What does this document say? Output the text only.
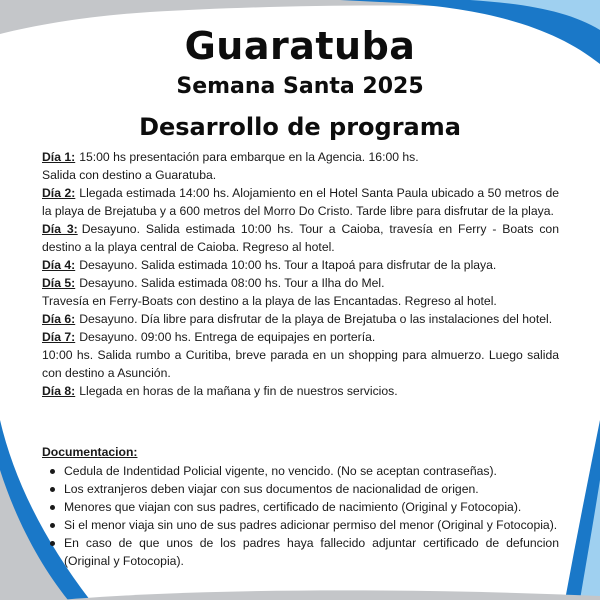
Guaratuba
Semana Santa 2025
Desarrollo de programa

Día 1: 15:00 hs presentación para embarque en la Agencia. 16:00 hs.

Salida con destino a Guaratuba.

Día 2: Llegada estimada 14:00 hs. Alojamiento en el Hotel Santa Paula ubicado a 50 metros de la playa de Brejatuba y a 600 metros del Morro Do Cristo. Tarde libre para disfrutar de la playa.

Día 3: Desayuno. Salida estimada 10:00 hs. Tour a Caioba, travesía en Ferry - Boats con destino a la playa central de Caioba. Regreso al hotel.

Día 4: Desayuno. Salida estimada 10:00 hs. Tour a Itapoá para disfrutar de la playa.

Día 5: Desayuno. Salida estimada 08:00 hs. Tour a Ilha do Mel.

Travesía en Ferry-Boats con destino a la playa de las Encantadas. Regreso al hotel.

Día 6: Desayuno. Día libre para disfrutar de la playa de Brejatuba o las instalaciones del hotel.

Día 7: Desayuno. 09:00 hs. Entrega de equipajes en portería.

10:00 hs. Salida rumbo a Curitiba, breve parada en un shopping para almuerzo. Luego salida con destino a Asunción.

Día 8: Llegada en horas de la mañana y fin de nuestros servicios.

Documentacion:

Cedula de Indentidad Policial vigente, no vencido. (No se aceptan contraseñas).
Los extranjeros deben viajar con sus documentos de nacionalidad de origen.
Menores que viajan con sus padres, certificado de nacimiento (Original y Fotocopia).
Si el menor viaja sin uno de sus padres adicionar permiso del menor (Original y Fotocopia).
En caso de que unos de los padres haya fallecido adjuntar certificado de defuncion (Original y Fotocopia).
